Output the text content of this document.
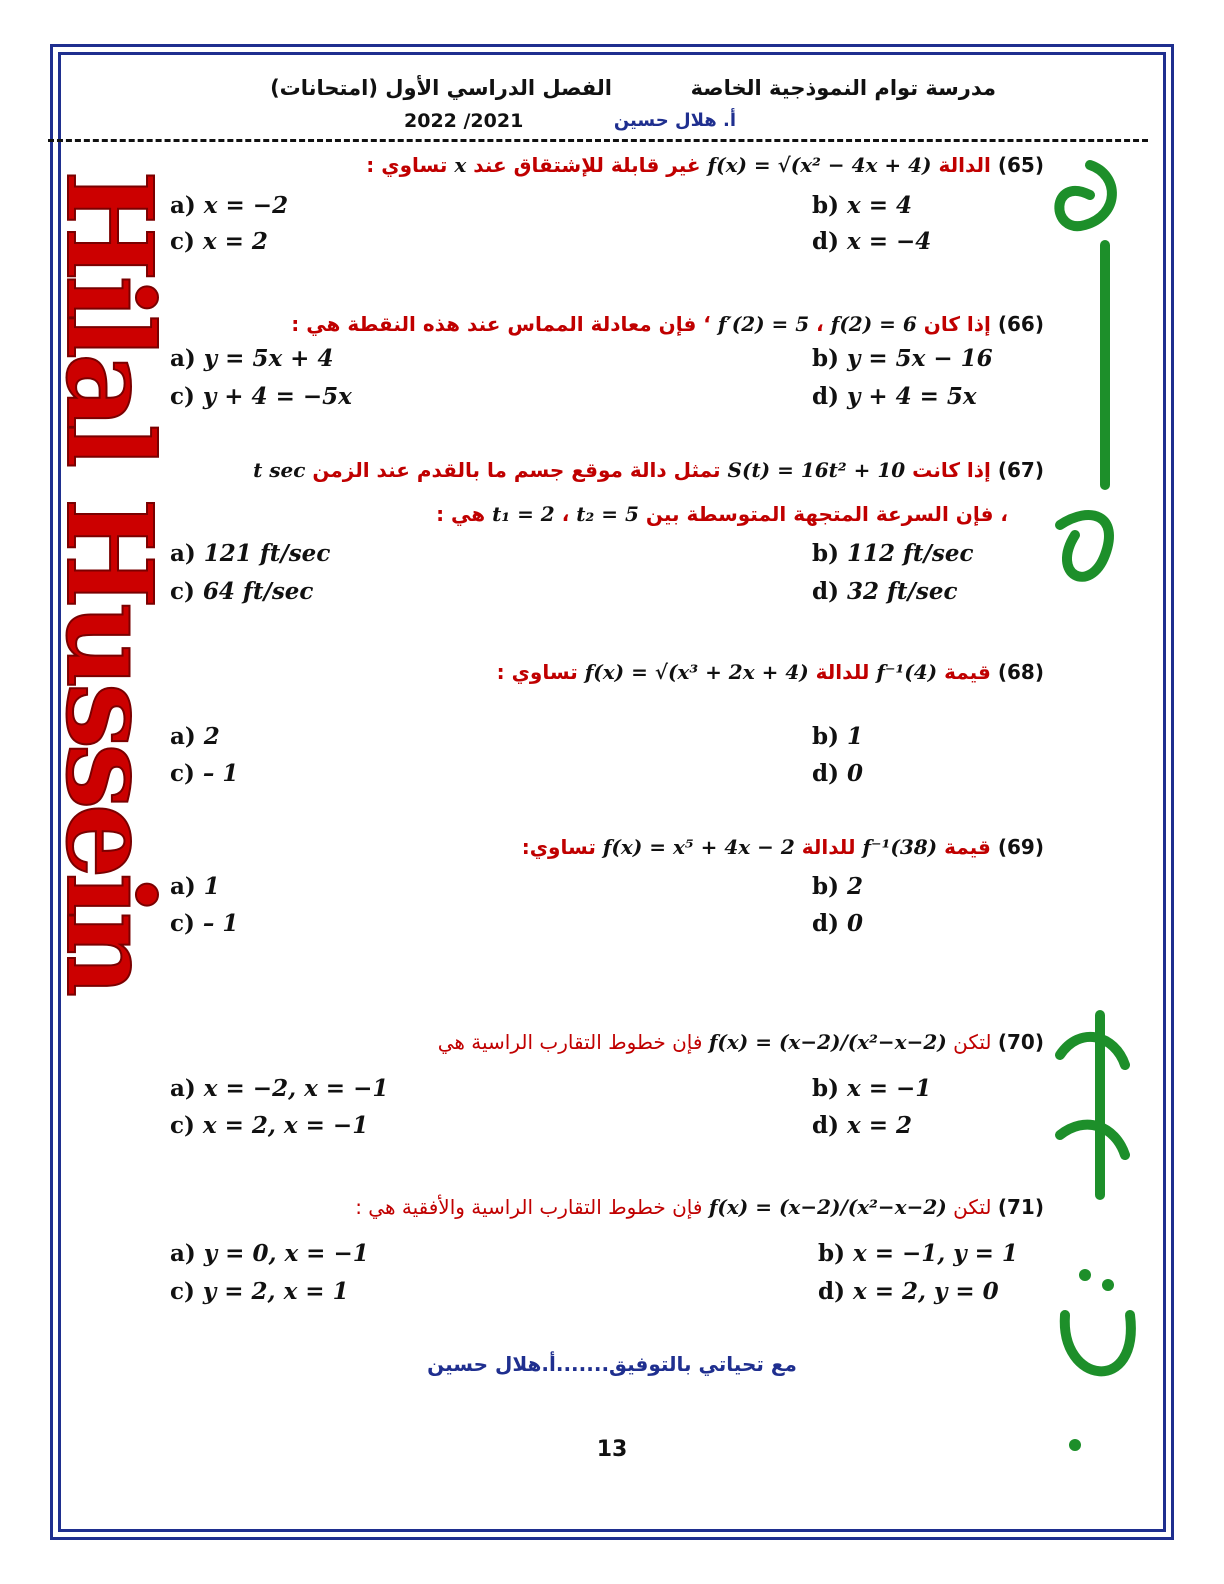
مدرسة توام النموذجية الخاصة
الفصل الدراسي الأول (امتحانات)
أ. هلال حسين
2022 /2021
Hilal Hussein
(65) الدالة f(x) = √(x² − 4x + 4) غير قابلة للإشتقاق عند x تساوي :
a) x = −2	b) x = 4
c) x = 2	d) x = −4
(66) إذا كان f(2) = 6 ، f′(2) = 5 ‘ فإن معادلة المماس عند هذه النقطة هي :
a) y = 5x + 4	b) y = 5x − 16
c) y + 4 = −5x	d) y + 4 = 5x
(67) إذا كانت S(t) = 16t² + 10 تمثل دالة موقع جسم ما بالقدم عند الزمن t sec
، فإن السرعة المتجهة المتوسطة بين t₂ = 5 ، t₁ = 2 هي :
a) 121 ft/sec	b) 112 ft/sec
c) 64 ft/sec	d) 32 ft/sec
(68) قيمة f⁻¹(4) للدالة f(x) = √(x³ + 2x + 4) تساوي :
a) 2	b) 1
c) – 1	d) 0
(69) قيمة f⁻¹(38) للدالة f(x) = x⁵ + 4x − 2 تساوي:
a) 1	b) 2
c) – 1	d) 0
(70) لتكن f(x) = (x−2)/(x²−x−2) فإن خطوط التقارب الراسية هي
a) x = −2, x = −1	b) x = −1
c) x = 2, x = −1	d) x = 2
(71) لتكن f(x) = (x−2)/(x²−x−2) فإن خطوط التقارب الراسية والأفقية هي :
a) y = 0, x = −1	b) x = −1, y = 1
c) y = 2, x = 1	d) x = 2, y = 0
مع تحياتي بالتوفيق.......أ.هلال حسين
13
